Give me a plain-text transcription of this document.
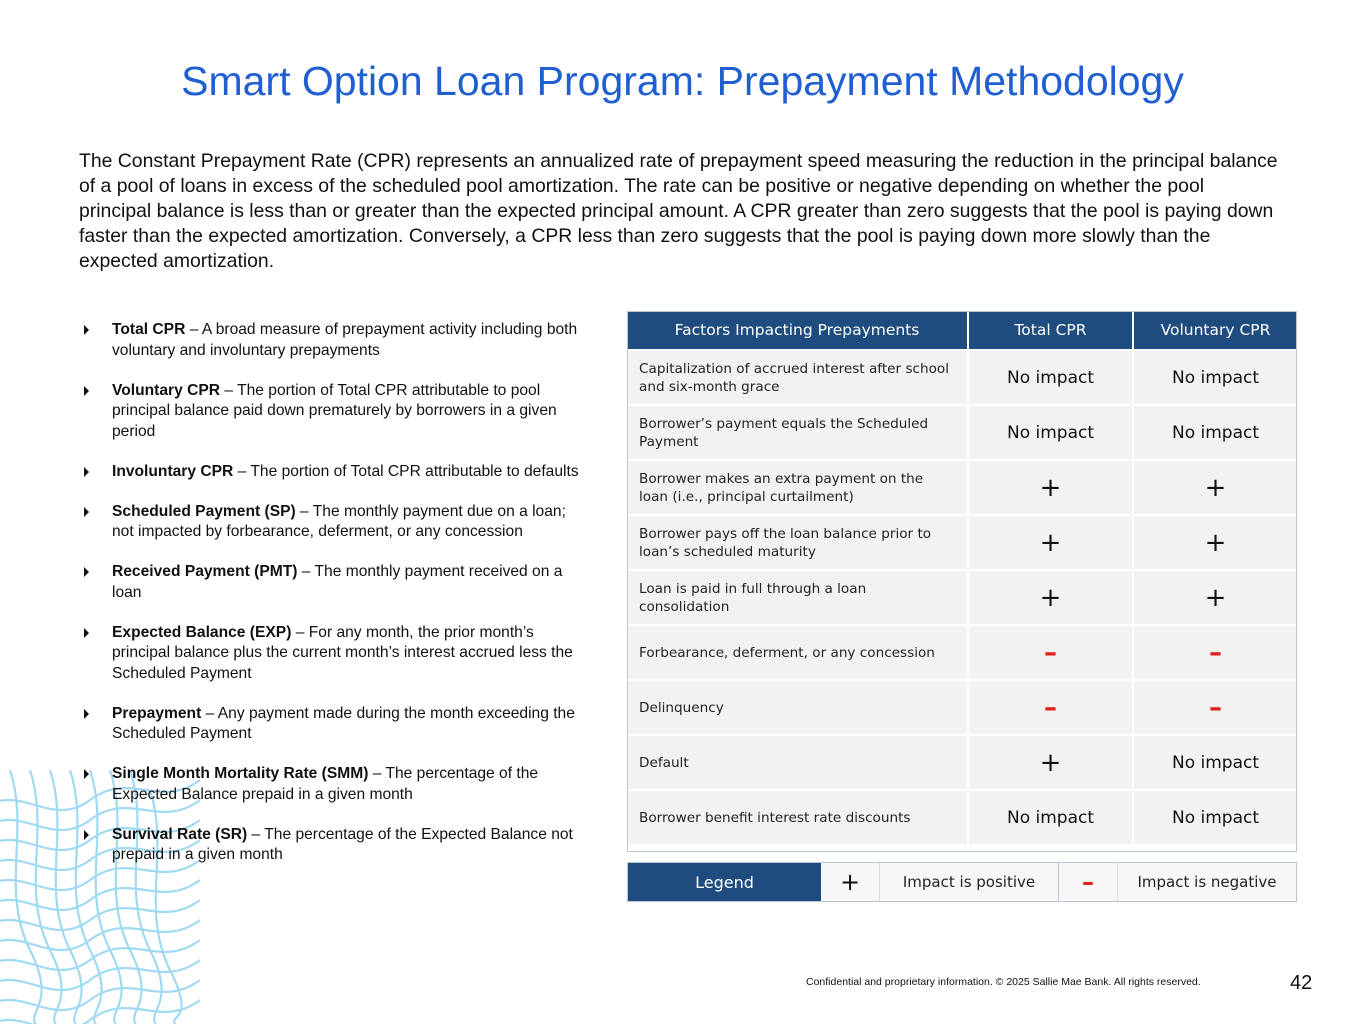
Smart Option Loan Program: Prepayment Methodology
The Constant Prepayment Rate (CPR) represents an annualized rate of prepayment speed measuring the reduction in the principal balance of a pool of loans in excess of the scheduled pool amortization. The rate can be positive or negative depending on whether the pool principal balance is less than or greater than the expected principal amount. A CPR greater than zero suggests that the pool is paying down faster than the expected amortization. Conversely, a CPR less than zero suggests that the pool is paying down more slowly than the expected amortization.
Total CPR – A broad measure of prepayment activity including both voluntary and involuntary prepayments
Voluntary CPR – The portion of Total CPR attributable to pool principal balance paid down prematurely by borrowers in a given period
Involuntary CPR – The portion of Total CPR attributable to defaults
Scheduled Payment (SP) – The monthly payment due on a loan; not impacted by forbearance, deferment, or any concession
Received Payment (PMT) – The monthly payment received on a loan
Expected Balance (EXP) – For any month, the prior month’s principal balance plus the current month’s interest accrued less the Scheduled Payment
Prepayment – Any payment made during the month exceeding the Scheduled Payment
Single Month Mortality Rate (SMM) – The percentage of the Expected Balance prepaid in a given month
Survival Rate (SR) – The percentage of the Expected Balance not prepaid in a given month
Factors Impacting Prepayments	Total CPR	Voluntary CPR
Capitalization of accrued interest after school and six-month grace	No impact	No impact
Borrower’s payment equals the Scheduled Payment	No impact	No impact
Borrower makes an extra payment on the loan (i.e., principal curtailment)	+	+
Borrower pays off the loan balance prior to loan’s scheduled maturity	+	+
Loan is paid in full through a loan consolidation	+	+
Forbearance, deferment, or any concession	–	–
Delinquency	–	–
Default	+	No impact
Borrower benefit interest rate discounts	No impact	No impact
Legend	+	Impact is positive	–	Impact is negative
Confidential and proprietary information. © 2025 Sallie Mae Bank. All rights reserved.	42
